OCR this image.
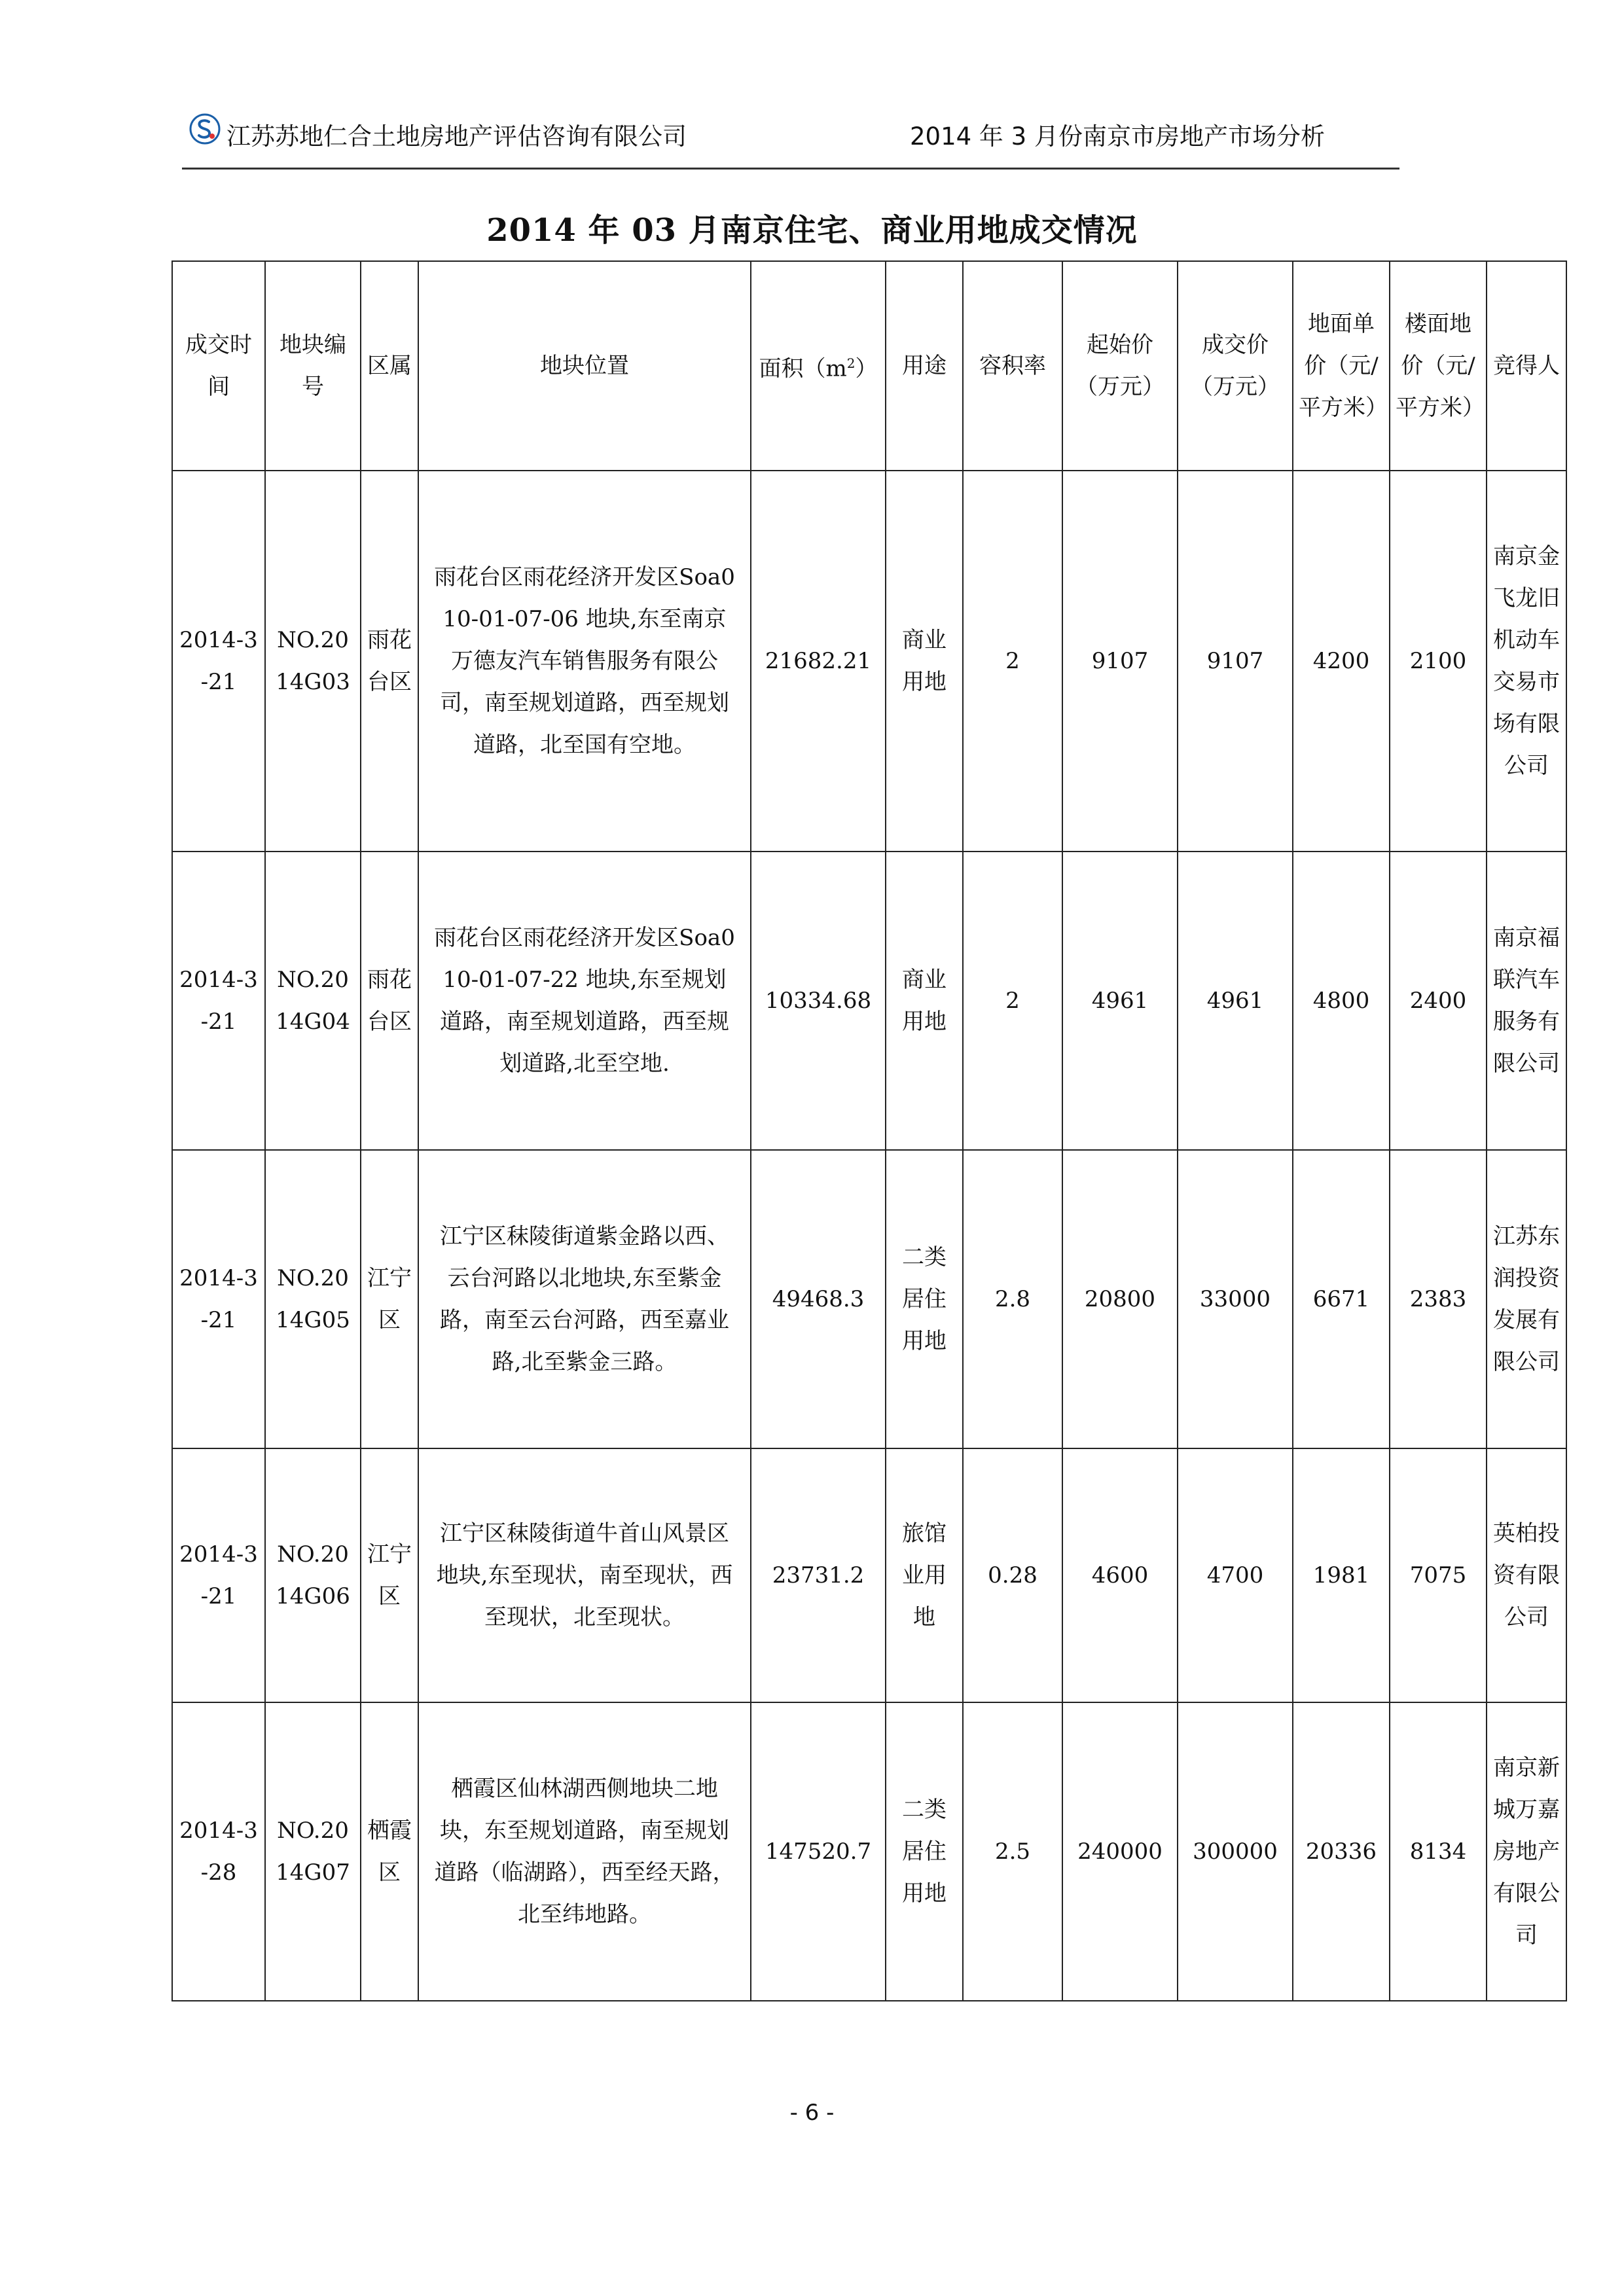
江苏苏地仁合土地房地产评估咨询有限公司	2014 年 3 月份南京市房地产市场分析
2014 年 03 月南京住宅、商业用地成交情况
成交时间	地块编号	区属	地块位置	面积$(m^2)$	用途	容积率	起始价（万元）	成交价（万元）	地面单价（元/平方米）	楼面地价（元/平方米）	竞得人
2014-3-21	NO.2014G03	雨花台区	雨花台区雨花经济开发区Soa010-01-07-06 地块,东至南京万德友汽车销售服务有限公司，南至规划道路，西至规划道路，北至国有空地。	21682.21	商业用地	2	9107	9107	4200	2100	南京金飞龙旧机动车交易市场有限公司
2014-3-21	NO.2014G04	雨花台区	雨花台区雨花经济开发区Soa010-01-07-22 地块,东至规划道路，南至规划道路，西至规划道路,北至空地.	10334.68	商业用地	2	4961	4961	4800	2400	南京福联汽车服务有限公司
2014-3-21	NO.2014G05	江宁区	江宁区秣陵街道紫金路以西、云台河路以北地块,东至紫金路，南至云台河路，西至嘉业路,北至紫金三路。	49468.3	二类居住用地	2.8	20800	33000	6671	2383	江苏东润投资发展有限公司
2014-3-21	NO.2014G06	江宁区	江宁区秣陵街道牛首山风景区地块,东至现状，南至现状，西至现状，北至现状。	23731.2	旅馆业用地	0.28	4600	4700	1981	7075	英柏投资有限公司
2014-3-28	NO.2014G07	栖霞区	栖霞区仙林湖西侧地块二地块，东至规划道路，南至规划道路（临湖路），西至经天路，北至纬地路。	147520.7	二类居住用地	2.5	240000	300000	20336	8134	南京新城万嘉房地产有限公司
- 6 -
